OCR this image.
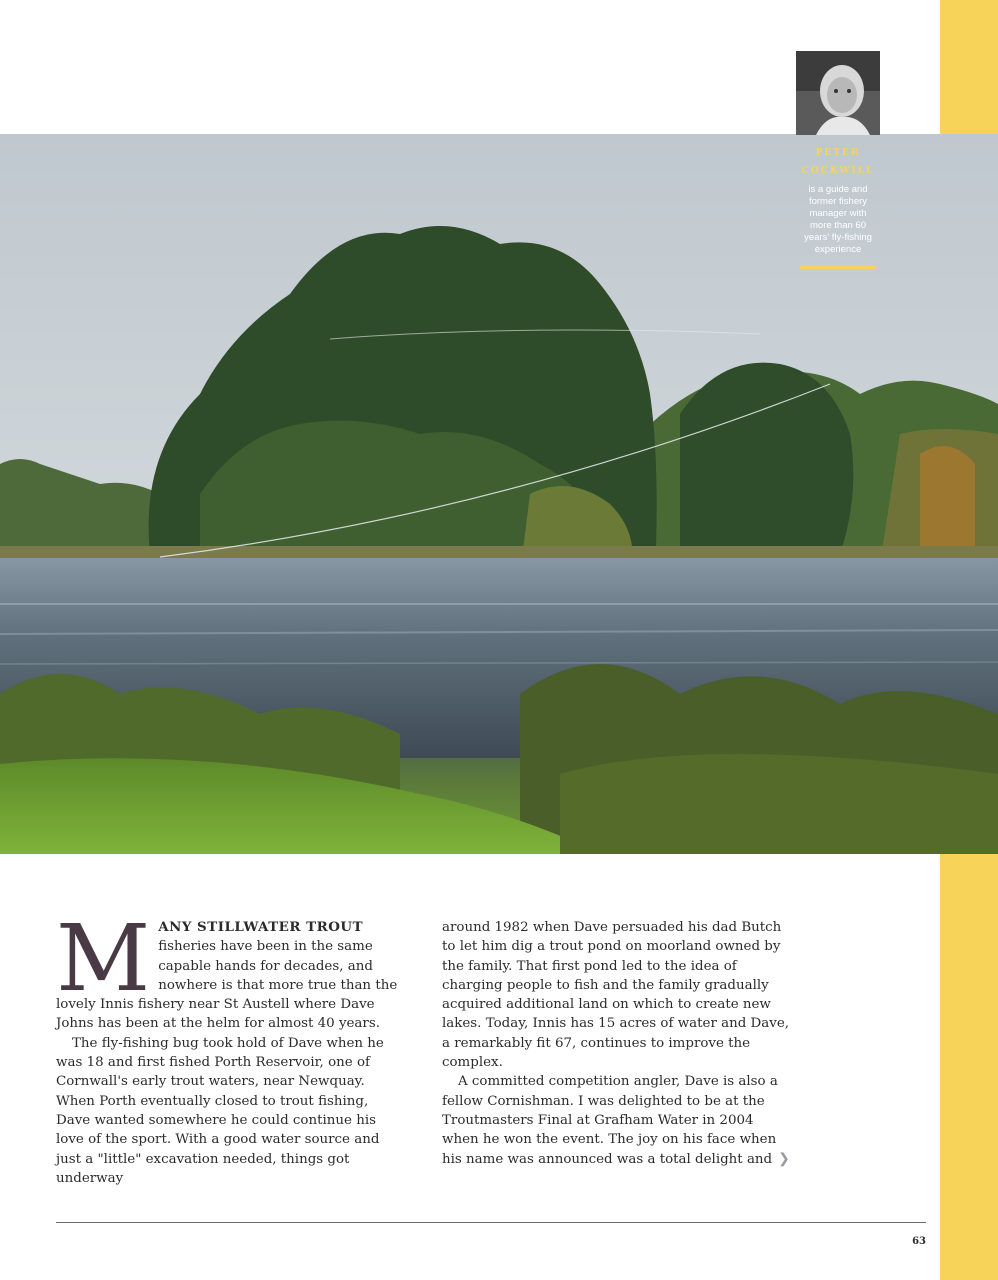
PETER

COCKWILL

is a guide and former fishery manager with more than 60 years' fly-fishing experience

MANY STILLWATER TROUT fisheries have been in the same capable hands for decades, and nowhere is that more true than the lovely Innis fishery near St Austell where Dave Johns has been at the helm for almost 40 years.

The fly-fishing bug took hold of Dave when he was 18 and first fished Porth Reservoir, one of Cornwall's early trout waters, near Newquay. When Porth eventually closed to trout fishing, Dave wanted somewhere he could continue his love of the sport. With a good water source and just a "little" excavation needed, things got underway

around 1982 when Dave persuaded his dad Butch to let him dig a trout pond on moorland owned by the family. That first pond led to the idea of charging people to fish and the family gradually acquired additional land on which to create new lakes. Today, Innis has 15 acres of water and Dave, a remarkably fit 67, continues to improve the complex.

A committed competition angler, Dave is also a fellow Cornishman. I was delighted to be at the Troutmasters Final at Grafham Water in 2004 when he won the event. The joy on his face when his name was announced was a total delight and ❯

63
